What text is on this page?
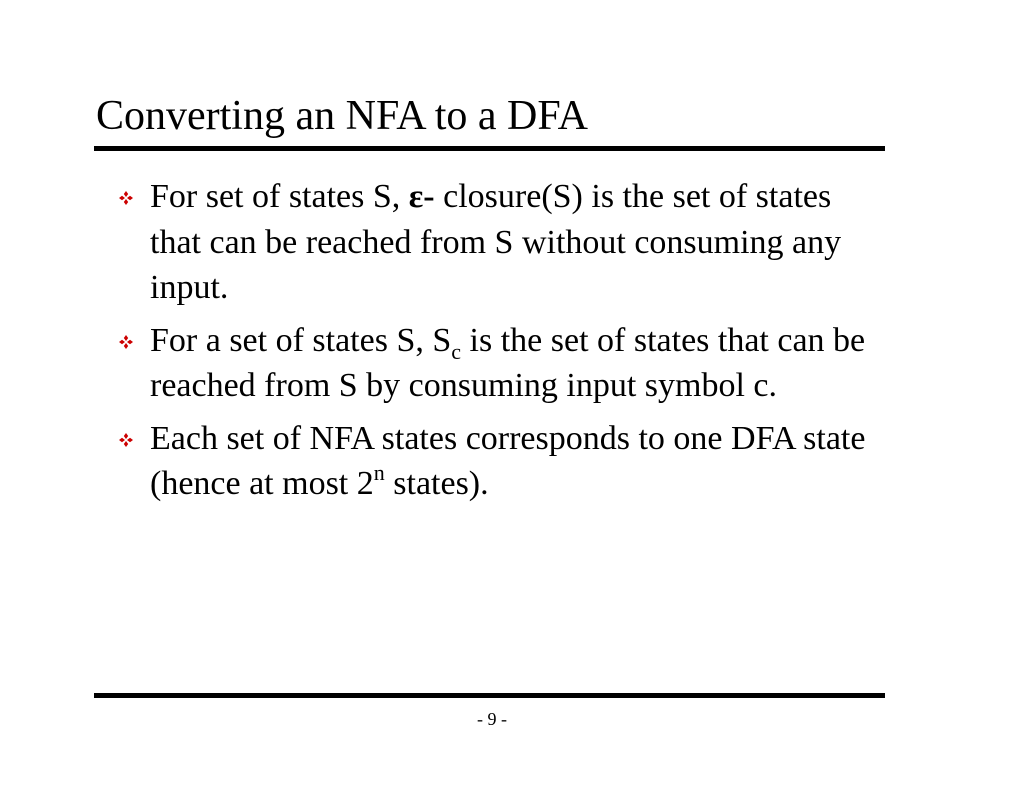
Converting an NFA to a DFA
For set of states S, ε- closure(S) is the set of states that can be reached from S without consuming any input.
For a set of states S, $S_c$ is the set of states that can be reached from S by consuming input symbol c.
Each set of NFA states corresponds to one DFA state (hence at most 2$^n$ states).
- 9 -
